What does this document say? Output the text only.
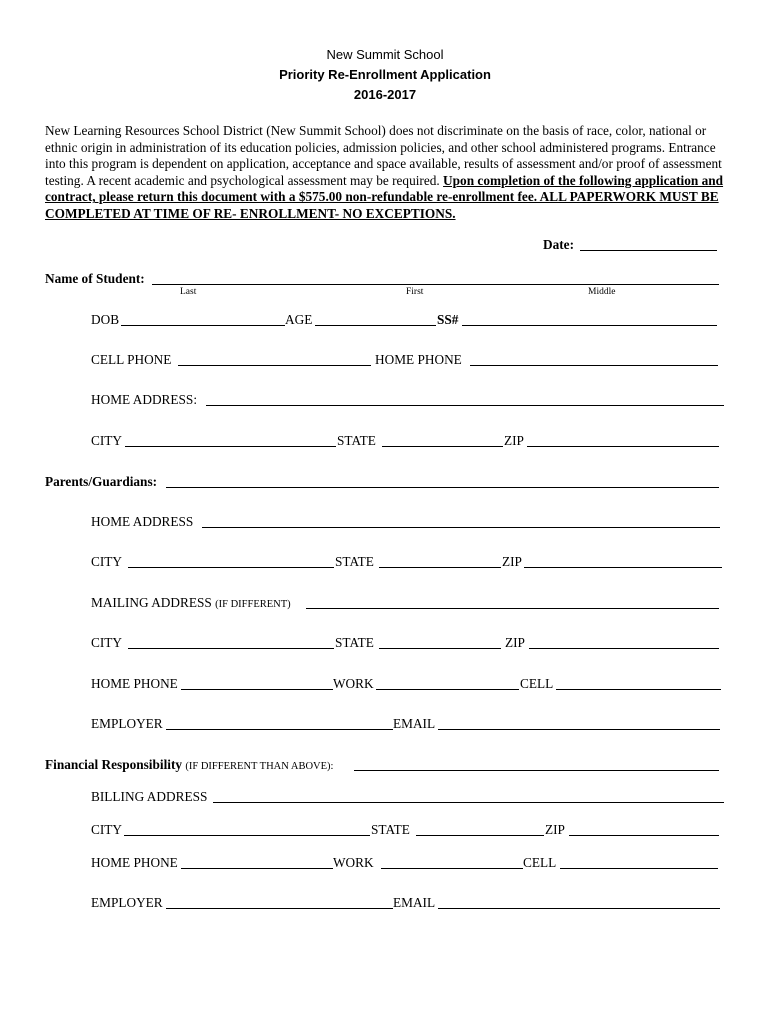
New Summit School
Priority Re-Enrollment Application
2016-2017
New Learning Resources School District (New Summit School) does not discriminate on the basis of race, color, national or ethnic origin in administration of its education policies, admission policies, and other school administered programs. Entrance into this program is dependent on application, acceptance and space available, results of assessment and/or proof of assessment testing. A recent academic and psychological assessment may be required. Upon completion of the following application and contract, please return this document with a $575.00 non-refundable re-enrollment fee. ALL PAPERWORK MUST BE COMPLETED AT TIME OF RE- ENROLLMENT- NO EXCEPTIONS.
Date:
Name of Student:
Last	First	Middle
DOB	AGE	SS#
CELL PHONE	HOME PHONE
HOME ADDRESS:
CITY	STATE	ZIP
Parents/Guardians:
HOME ADDRESS
CITY	STATE	ZIP
MAILING ADDRESS (IF DIFFERENT)
CITY	STATE	ZIP
HOME PHONE	WORK	CELL
EMPLOYER	EMAIL
Financial Responsibility (IF DIFFERENT THAN ABOVE):
BILLING ADDRESS
CITY	STATE	ZIP
HOME PHONE	WORK	CELL
EMPLOYER	EMAIL
